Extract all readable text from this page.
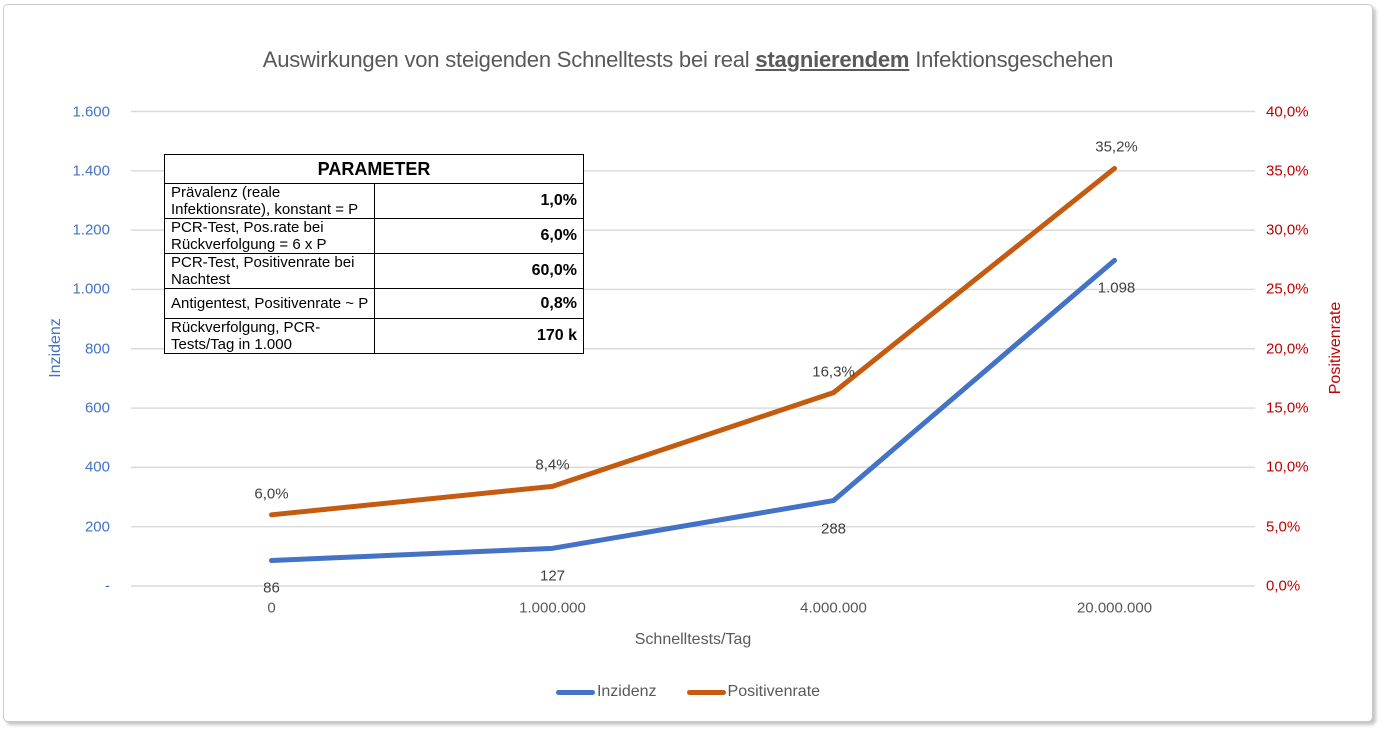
Auswirkungen von steigenden Schnelltests bei real stagnierendem Infektionsgeschehen
-
200
400
600
800
1.000
1.200
1.400
1.600
0,0%
5,0%
10,0%
15,0%
20,0%
25,0%
30,0%
35,0%
40,0%
0	1.000.000	4.000.000	20.000.000
86
127
288
1.098
6,0%
8,4%
16,3%
35,2%
Inzidenz	Positivenrate
Schnelltests/Tag
PARAMETER	
Prävalenz (reale Infektionsrate), konstant = P	1,0%
PCR-Test, Pos.rate bei Rückverfolgung = 6 x P	6,0%
PCR-Test, Positivenrate bei Nachtest	60,0%
Antigentest, Positivenrate ~ P	0,8%
Rückverfolgung, PCR-Tests/Tag in 1.000	170 k
Inzidenz	Positivenrate
